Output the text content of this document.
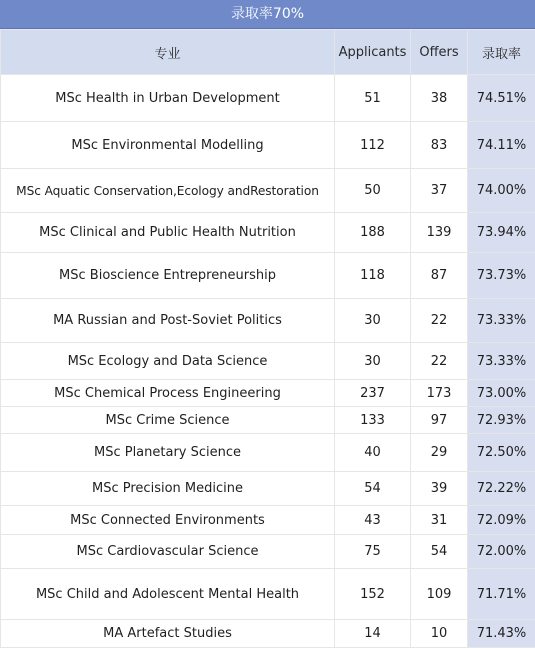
录取率70%
专业	Applicants	Offers	录取率
MSc Health in Urban Development	51	38	74.51%
MSc Environmental Modelling	112	83	74.11%
MSc Aquatic Conservation,Ecology andRestoration	50	37	74.00%
MSc Clinical and Public Health Nutrition	188	139	73.94%
MSc Bioscience Entrepreneurship	118	87	73.73%
MA Russian and Post-Soviet Politics	30	22	73.33%
MSc Ecology and Data Science	30	22	73.33%
MSc Chemical Process Engineering	237	173	73.00%
MSc Crime Science	133	97	72.93%
MSc Planetary Science	40	29	72.50%
MSc Precision Medicine	54	39	72.22%
MSc Connected Environments	43	31	72.09%
MSc Cardiovascular Science	75	54	72.00%
MSc Child and Adolescent Mental Health	152	109	71.71%
MA Artefact Studies	14	10	71.43%
